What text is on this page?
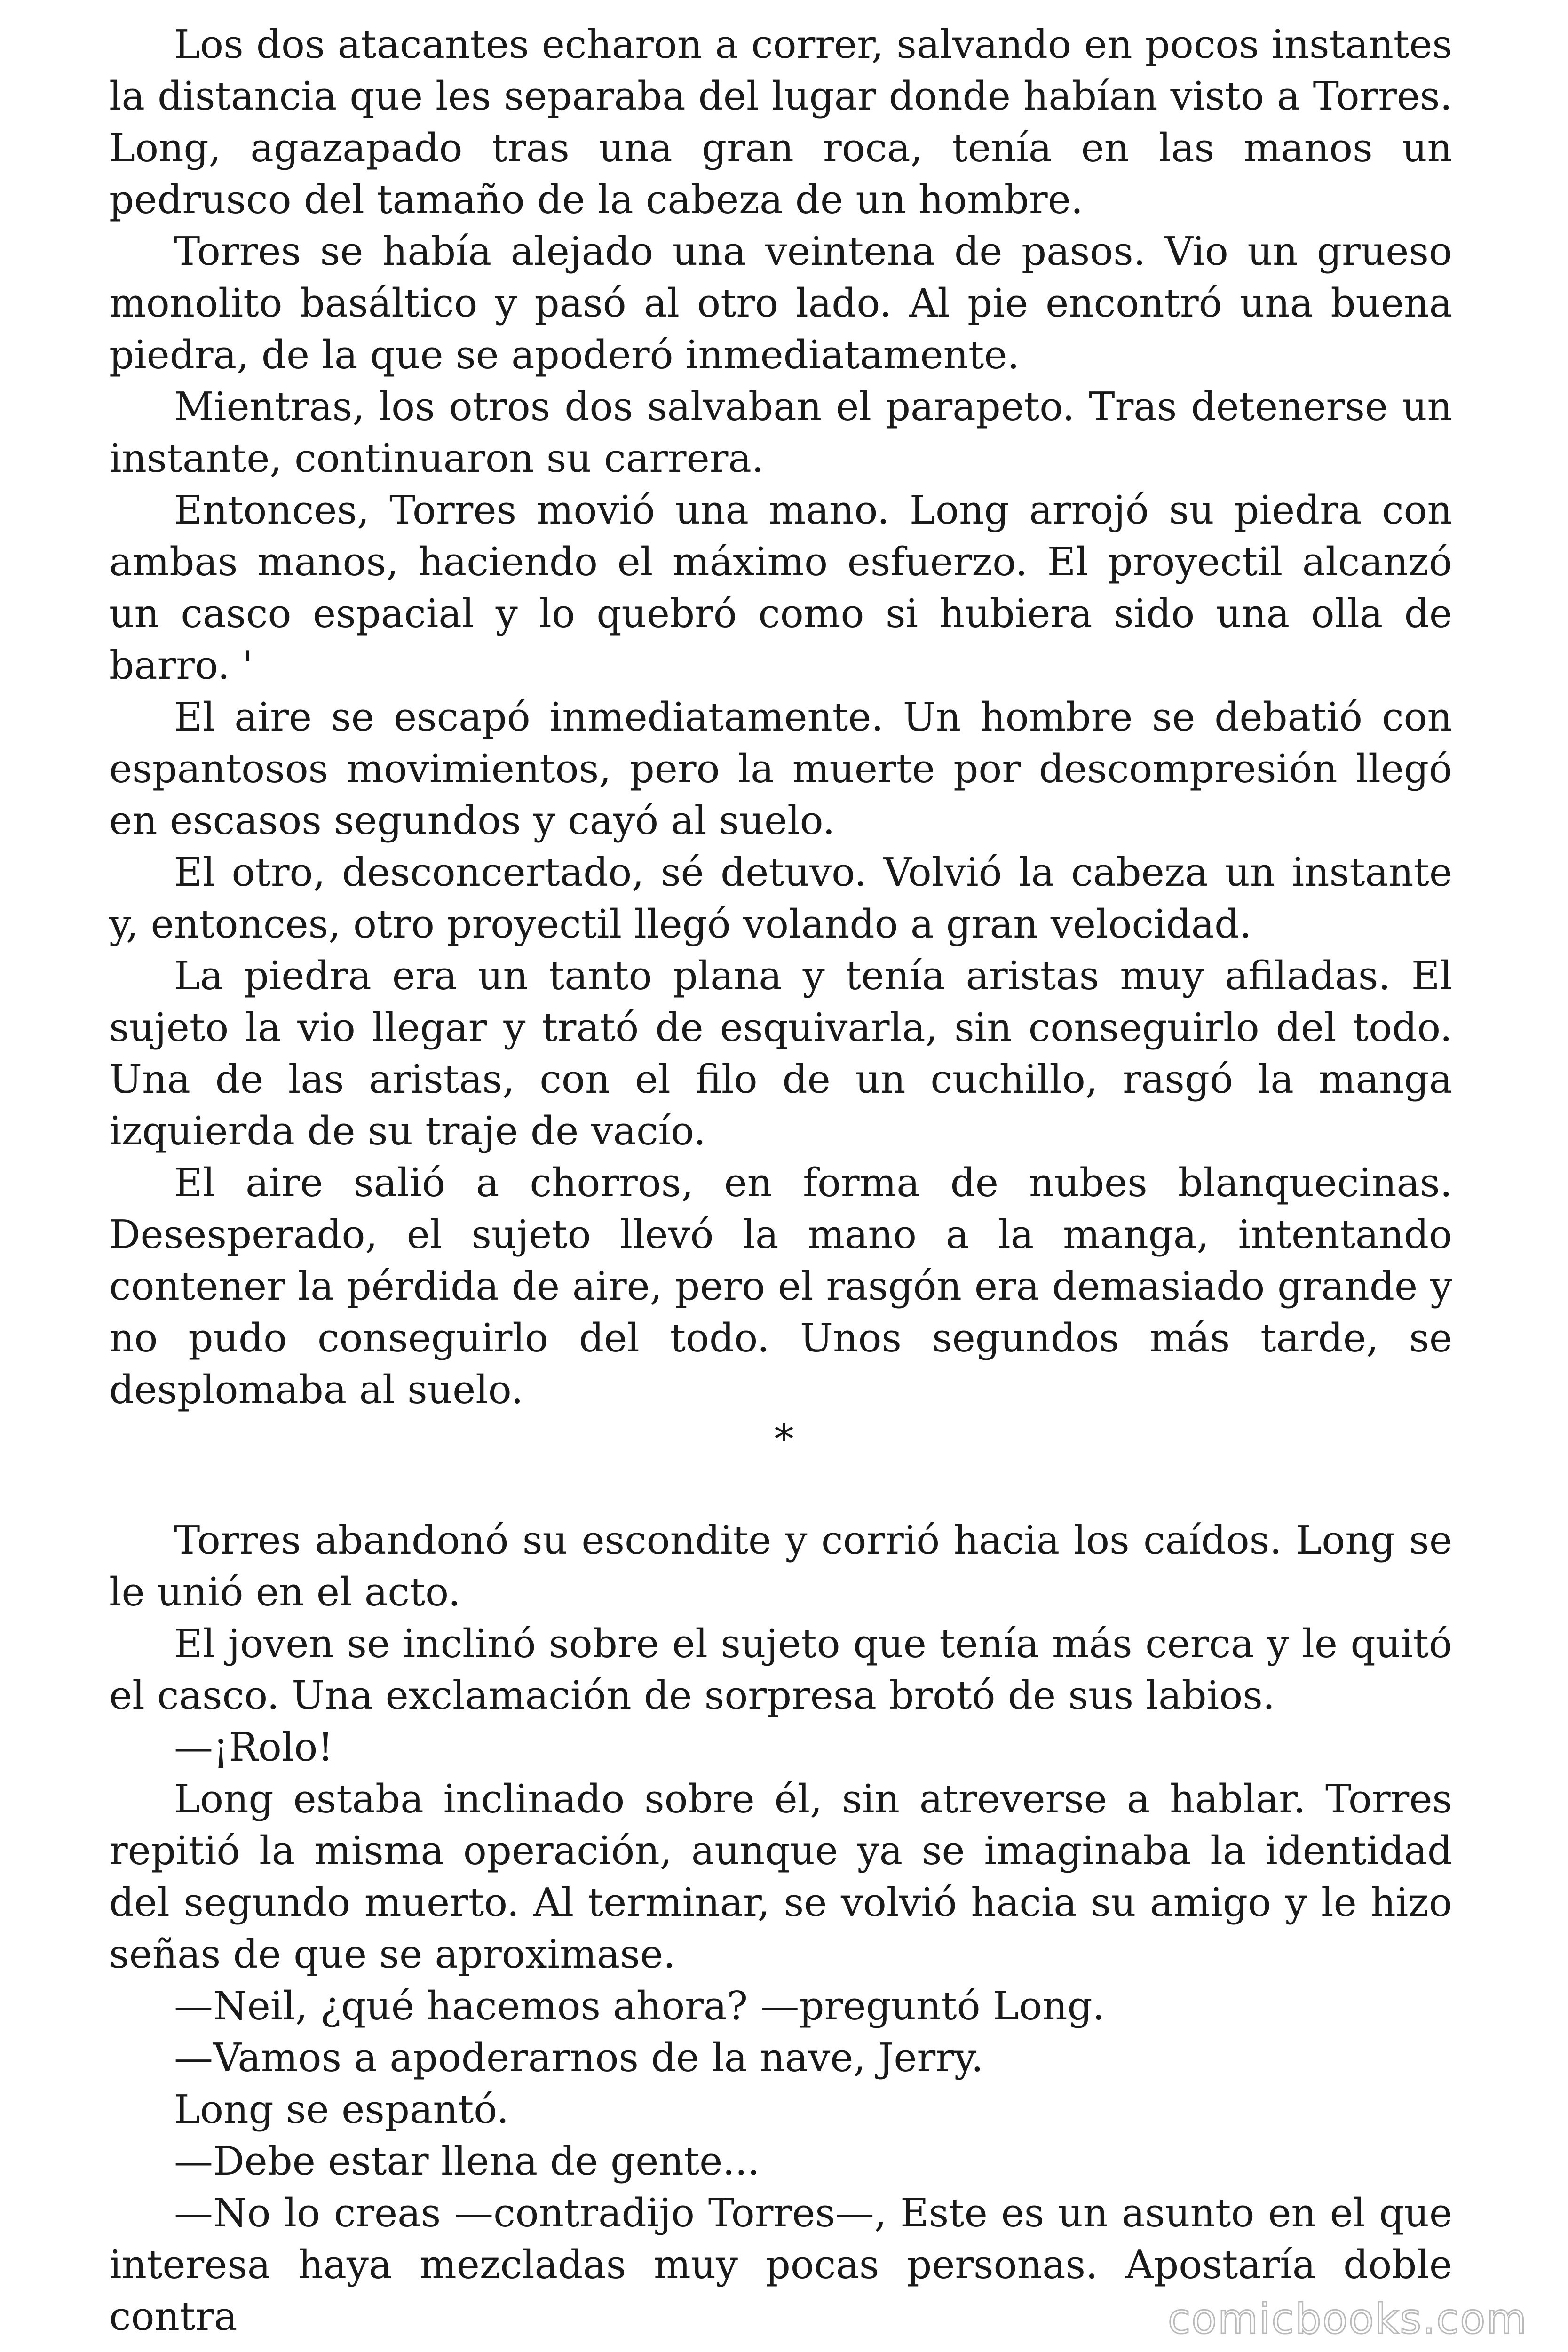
Los dos atacantes echaron a correr, salvando en pocos instantes la distancia que les separaba del lugar donde habían visto a Torres. Long, agazapado tras una gran roca, tenía en las manos un pedrusco del tamaño de la cabeza de un hombre.

Torres se había alejado una veintena de pasos. Vio un grueso monolito basáltico y pasó al otro lado. Al pie encontró una buena piedra, de la que se apoderó inmediatamente.

Mientras, los otros dos salvaban el parapeto. Tras detenerse un instante, continuaron su carrera.

Entonces, Torres movió una mano. Long arrojó su piedra con ambas manos, haciendo el máximo esfuerzo. El proyectil alcanzó un casco espacial y lo quebró como si hubiera sido una olla de barro. '

El aire se escapó inmediatamente. Un hombre se debatió con espantosos movimientos, pero la muerte por descompresión llegó en escasos segundos y cayó al suelo.

El otro, desconcertado, sé detuvo. Volvió la cabeza un instante y, entonces, otro proyectil llegó volando a gran velocidad.

La piedra era un tanto plana y tenía aristas muy afiladas. El sujeto la vio llegar y trató de esquivarla, sin conseguirlo del todo. Una de las aristas, con el filo de un cuchillo, rasgó la manga izquierda de su traje de vacío.

El aire salió a chorros, en forma de nubes blanquecinas. Desesperado, el sujeto llevó la mano a la manga, intentando contener la pérdida de aire, pero el rasgón era demasiado grande y no pudo conseguirlo del todo. Unos segundos más tarde, se desplomaba al suelo.

*

Torres abandonó su escondite y corrió hacia los caídos. Long se le unió en el acto.

El joven se inclinó sobre el sujeto que tenía más cerca y le quitó el casco. Una exclamación de sorpresa brotó de sus labios.

—¡Rolo!

Long estaba inclinado sobre él, sin atreverse a hablar. Torres repitió la misma operación, aunque ya se imaginaba la identidad del segundo muerto. Al terminar, se volvió hacia su amigo y le hizo señas de que se aproximase.

—Neil, ¿qué hacemos ahora? —preguntó Long.

—Vamos a apoderarnos de la nave, Jerry.

Long se espantó.

—Debe estar llena de gente...

—No lo creas —contradijo Torres—, Este es un asunto en el que interesa haya mezcladas muy pocas personas. Apostaría doble contra	comicbooks.com
